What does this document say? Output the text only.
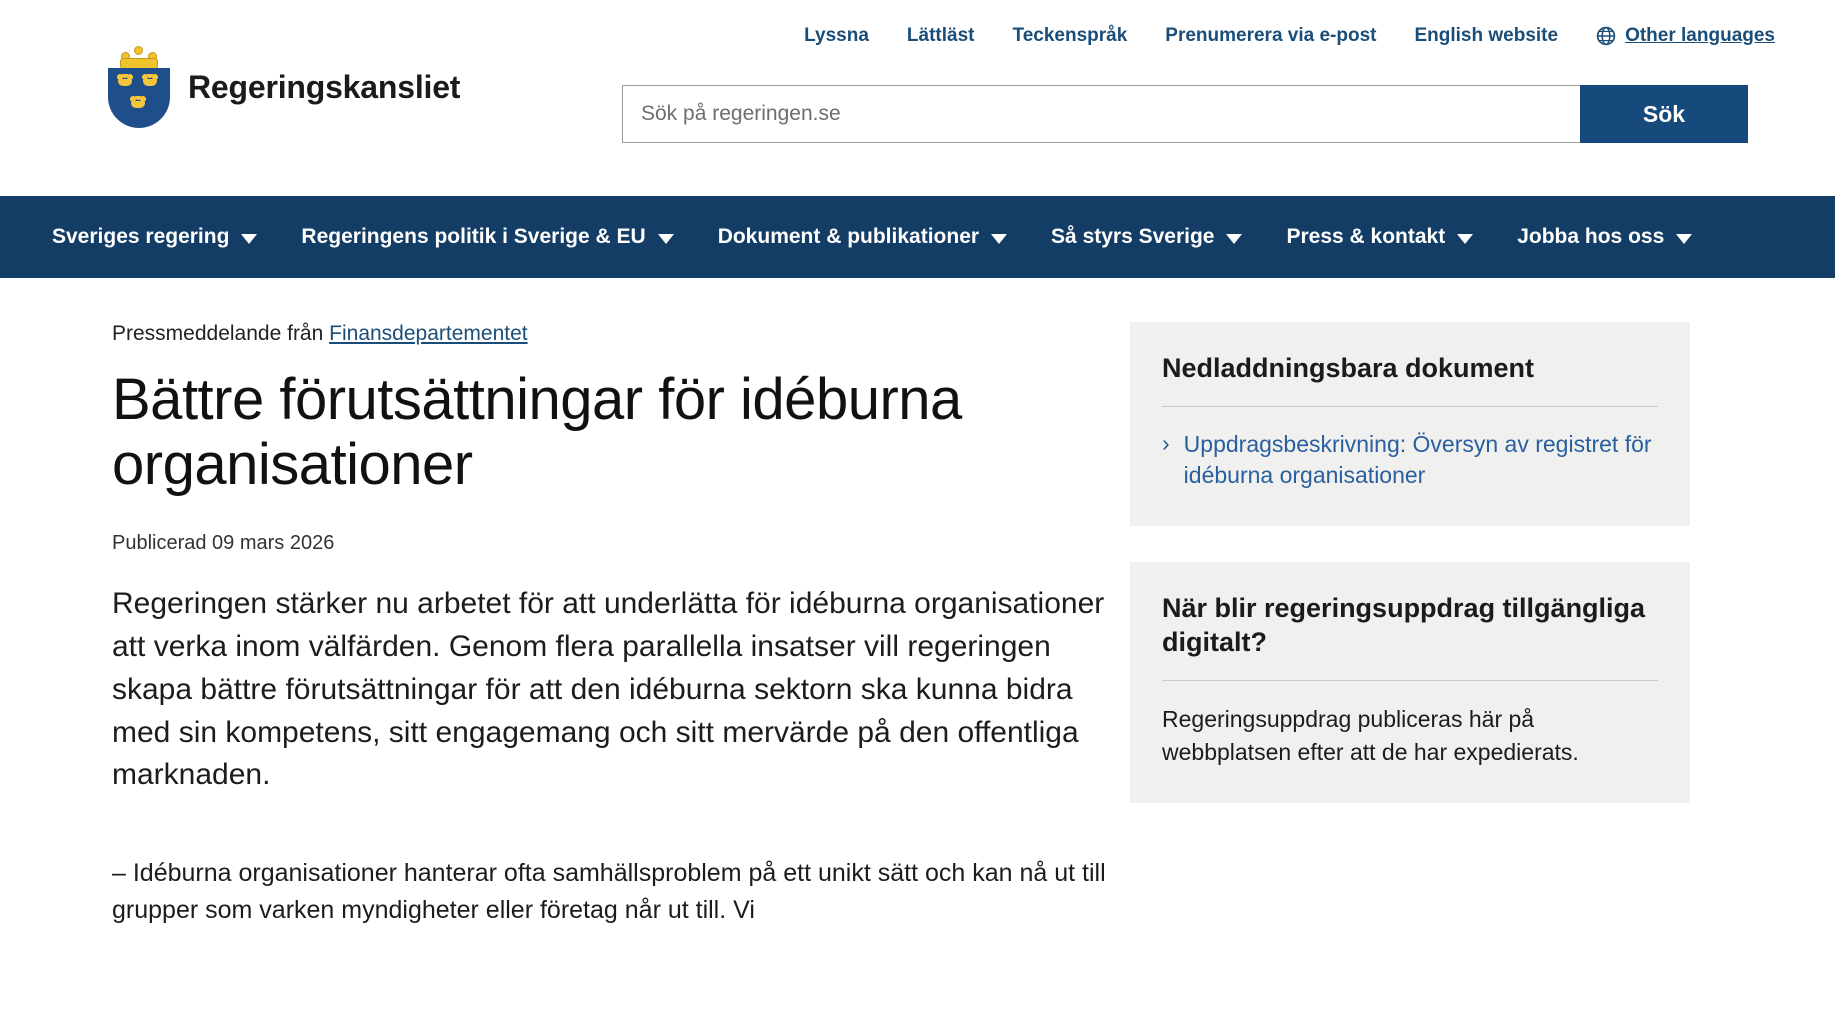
Lyssna Lättläst Teckenspråk Prenumerera via e-post English website	Other languages
Regeringskansliet
Sök på regeringen.se
Sök
Sveriges regering	Regeringens politik i Sverige & EU	Dokument & publikationer	Så styrs Sverige	Press & kontakt	Jobba hos oss
Pressmeddelande från Finansdepartementet
Bättre förutsättningar för idéburna organisationer
Publicerad 09 mars 2026

Regeringen stärker nu arbetet för att underlätta för idéburna organisationer att verka inom välfärden. Genom flera parallella insatser vill regeringen skapa bättre förutsättningar för att den idéburna sektorn ska kunna bidra med sin kompetens, sitt engagemang och sitt mervärde på den offentliga marknaden.

– Idéburna organisationer hanterar ofta samhällsproblem på ett unikt sätt och kan nå ut till grupper som varken myndigheter eller företag når ut till. Vi

Nedladdningsbara dokument
› Uppdragsbeskrivning: Översyn av registret för idéburna organisationer
När blir regeringsuppdrag tillgängliga digitalt?

Regeringsuppdrag publiceras här på webbplatsen efter att de har expedierats.
